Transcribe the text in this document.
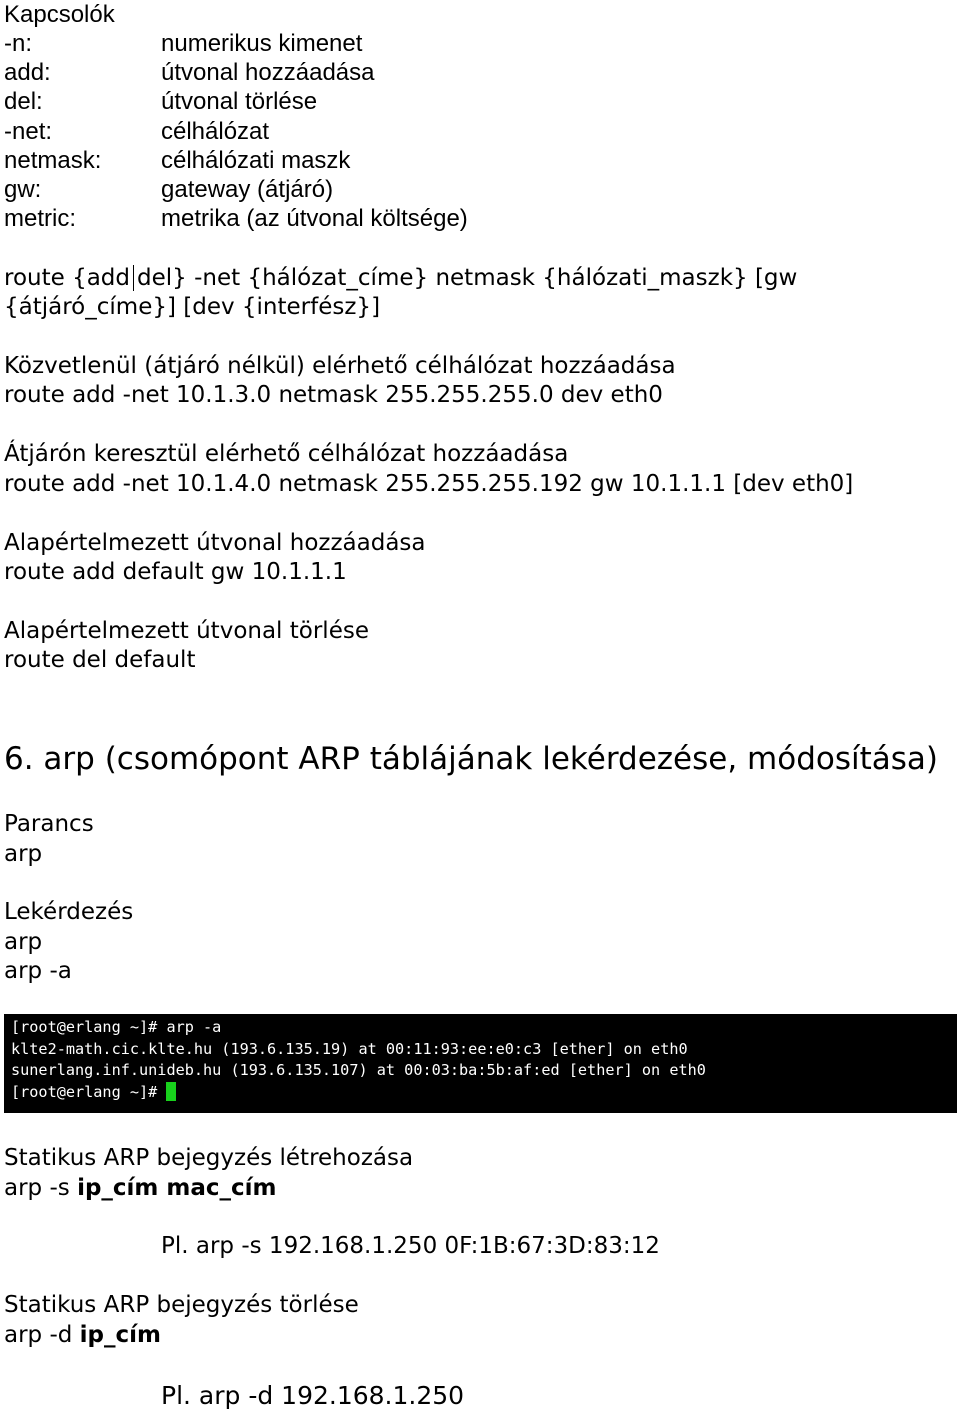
Kapcsolók
-n:	numerikus kimenet
add:	útvonal hozzáadása
del:	útvonal törlése
-net:	célhálózat
netmask: célhálózati maszk
gw:	gateway (átjáró)
metric:	metrika (az útvonal költsége)
route {add del} -net {hálózat_címe} netmask {hálózati_maszk} [gw
{átjáró_címe}] [dev {interfész}]
Közvetlenül (átjáró nélkül) elérhető célhálózat hozzáadása
route add -net 10.1.3.0 netmask 255.255.255.0 dev eth0
Átjárón keresztül elérhető célhálózat hozzáadása
route add -net 10.1.4.0 netmask 255.255.255.192 gw 10.1.1.1 [dev eth0]
Alapértelmezett útvonal hozzáadása
route add default gw 10.1.1.1
Alapértelmezett útvonal törlése
route del default
6. arp (csomópont ARP táblájának lekérdezése, módosítása)
Parancs
arp
Lekérdezés
arp
arp -a
[root@erlang ~]# arp -a
klte2-math.cic.klte.hu (193.6.135.19) at 00:11:93:ee:e0:c3 [ether] on eth0
sunerlang.inf.unideb.hu (193.6.135.107) at 00:03:ba:5b:af:ed [ether] on eth0
[root@erlang ~]#
Statikus ARP bejegyzés létrehozása
arp -s ip_cím mac_cím
Pl. arp -s 192.168.1.250 0F:1B:67:3D:83:12
Statikus ARP bejegyzés törlése
arp -d ip_cím
Pl. arp -d 192.168.1.250
